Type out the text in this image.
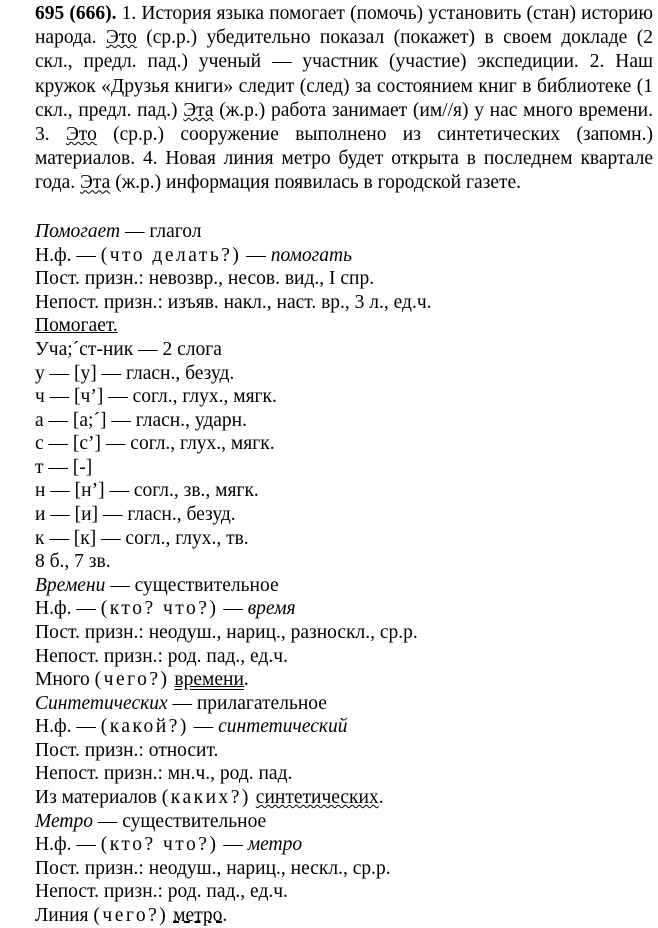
695 (666). 1. История языка помогает (помочь) установить (стан) историю народа. Это (ср.р.) убедительно показал (покажет) в своем докладе (2 скл., предл. пад.) ученый — участник (участие) экспедиции. 2. Наш кружок «Друзья книги» следит (след) за состоянием книг в библиотеке (1 скл., предл. пад.) Эта (ж.р.) работа занимает (им//я) у нас много времени. 3. Это (ср.р.) сооружение выполнено из синтетических (запомн.) материалов. 4. Новая линия метро будет открыта в последнем квартале года. Эта (ж.р.) информация появилась в городской газете.
Помогает — глагол
Н.ф. — (что делать?) — помогать
Пост. призн.: невозвр., несов. вид., I спр.
Непост. призн.: изъяв. накл., наст. вр., 3 л., ед.ч.
Помогает.
Уча;´ст-ник — 2 слога
у — [у] — гласн., безуд.
ч — [ч’] — согл., глух., мягк.
а — [а;´] — гласн., ударн.
с — [с’] — согл., глух., мягк.
т — [-]
н — [н’] — согл., зв., мягк.
и — [и] — гласн., безуд.
к — [к] — согл., глух., тв.
8 б., 7 зв.
Времени — существительное
Н.ф. — (кто? что?) — время
Пост. призн.: неодуш., нариц., разноскл., ср.р.
Непост. призн.: род. пад., ед.ч.
Много (чего?) времени.
Синтетических — прилагательное
Н.ф. — (какой?) — синтетический
Пост. призн.: относит.
Непост. призн.: мн.ч., род. пад.
Из материалов (каких?) синтетических.
Метро — существительное
Н.ф. — (кто? что?) — метро
Пост. призн.: неодуш., нариц., нескл., ср.р.
Непост. призн.: род. пад., ед.ч.
Линия (чего?) метро.
